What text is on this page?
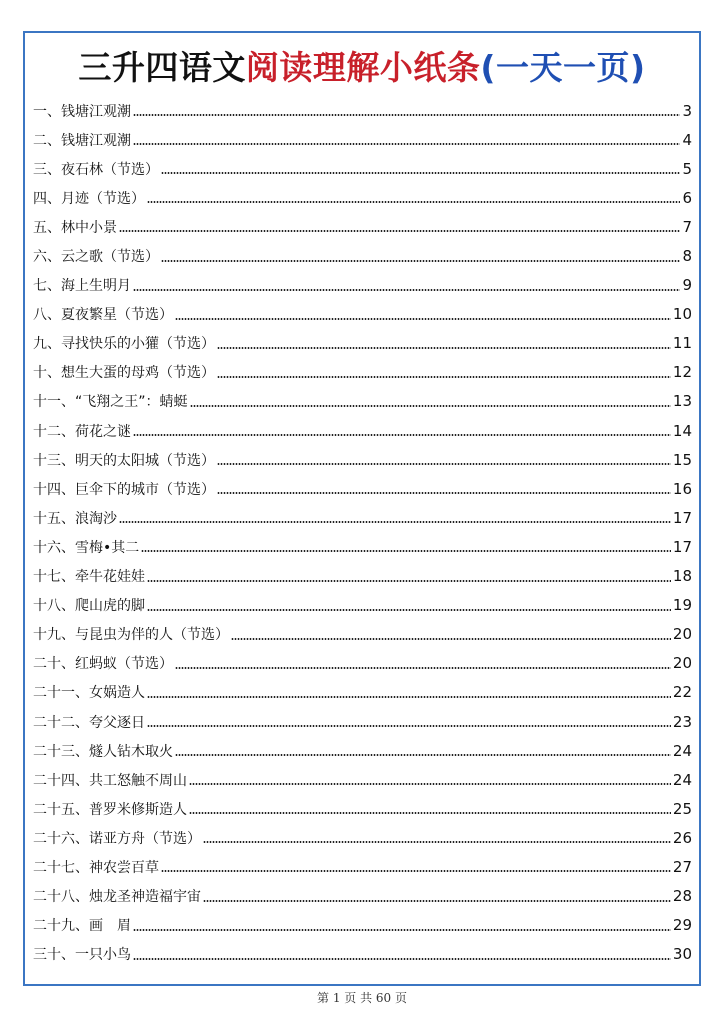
三升四语文阅读理解小纸条(一天一页)
一、钱塘江观潮	3
二、钱塘江观潮	4
三、夜石林（节选）	5
四、月迹（节选）	6
五、林中小景	7
六、云之歌（节选）	8
七、海上生明月	9
八、夏夜繁星（节选）	10
九、寻找快乐的小獾（节选）	11
十、想生大蛋的母鸡（节选）	12
十一、“飞翔之王”：蜻蜓	13
十二、荷花之谜	14
十三、明天的太阳城（节选）	15
十四、巨伞下的城市（节选）	16
十五、浪淘沙	17
十六、雪梅•其二	17
十七、牵牛花娃娃	18
十八、爬山虎的脚	19
十九、与昆虫为伴的人（节选）	20
二十、红蚂蚁（节选）	20
二十一、女娲造人	22
二十二、夸父逐日	23
二十三、燧人钻木取火	24
二十四、共工怒触不周山	24
二十五、普罗米修斯造人	25
二十六、诺亚方舟（节选）	26
二十七、神农尝百草	27
二十八、烛龙圣神造福宇宙	28
二十九、画　眉	29
三十、一只小鸟	30
第 1 页 共 60 页
